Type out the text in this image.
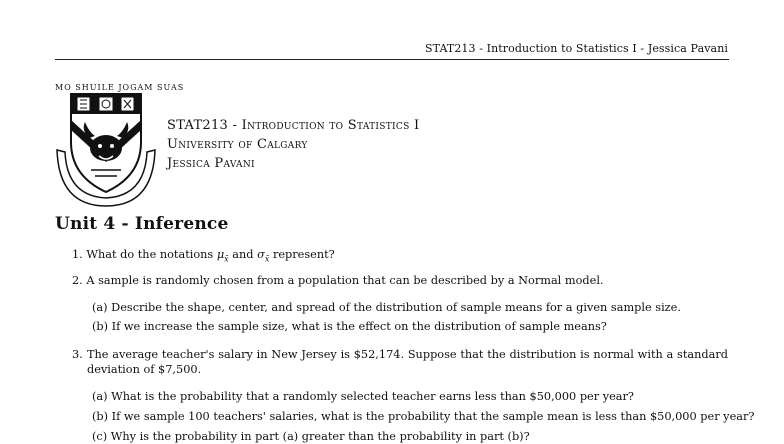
STAT213 - Introduction to Statistics I - Jessica Pavani
MO SHUILE JOGAM SUAS
STAT213 - Introduction to Statistics I
University of Calgary
Jessica Pavani
Unit 4 - Inference
1. What do the notations $\mu_{x̄}$ and $\sigma_{x̄}$ represent?
2. A sample is randomly chosen from a population that can be described by a Normal model.
(a) Describe the shape, center, and spread of the distribution of sample means for a given sample size.
(b) If we increase the sample size, what is the effect on the distribution of sample means?
3. The average teacher's salary in New Jersey is $52,174. Suppose that the distribution is normal with a standard deviation of $7,500.
(a) What is the probability that a randomly selected teacher earns less than $50,000 per year?
(b) If we sample 100 teachers' salaries, what is the probability that the sample mean is less than $50,000 per year?
(c) Why is the probability in part (a) greater than the probability in part (b)?
